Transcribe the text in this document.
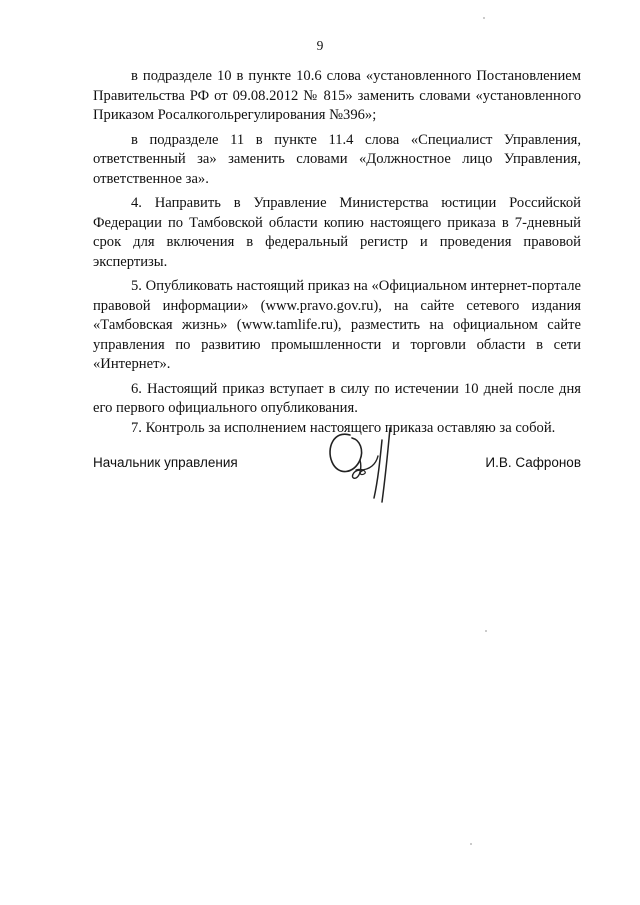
9

в подразделе 10 в пункте 10.6 слова «установленного Постановлением Правительства РФ от 09.08.2012 № 815» заменить словами «установленного Приказом Росалкогольрегулирования №396»;

в подразделе 11 в пункте 11.4 слова «Специалист Управления, ответственный за» заменить словами «Должностное лицо Управления, ответственное за».

4. Направить в Управление Министерства юстиции Российской Федерации по Тамбовской области копию настоящего приказа в 7-дневный срок для включения в федеральный регистр и проведения правовой экспертизы.

5. Опубликовать настоящий приказ на «Официальном интернет-портале правовой информации» (www.pravo.gov.ru), на сайте сетевого издания «Тамбовская жизнь» (www.tamlife.ru), разместить на официальном сайте управления по развитию промышленности и торговли области в сети «Интернет».

6. Настоящий приказ вступает в силу по истечении 10 дней после дня его первого официального опубликования.

7. Контроль за исполнением настоящего приказа оставляю за собой.

Начальник управления	И.В. Сафронов
